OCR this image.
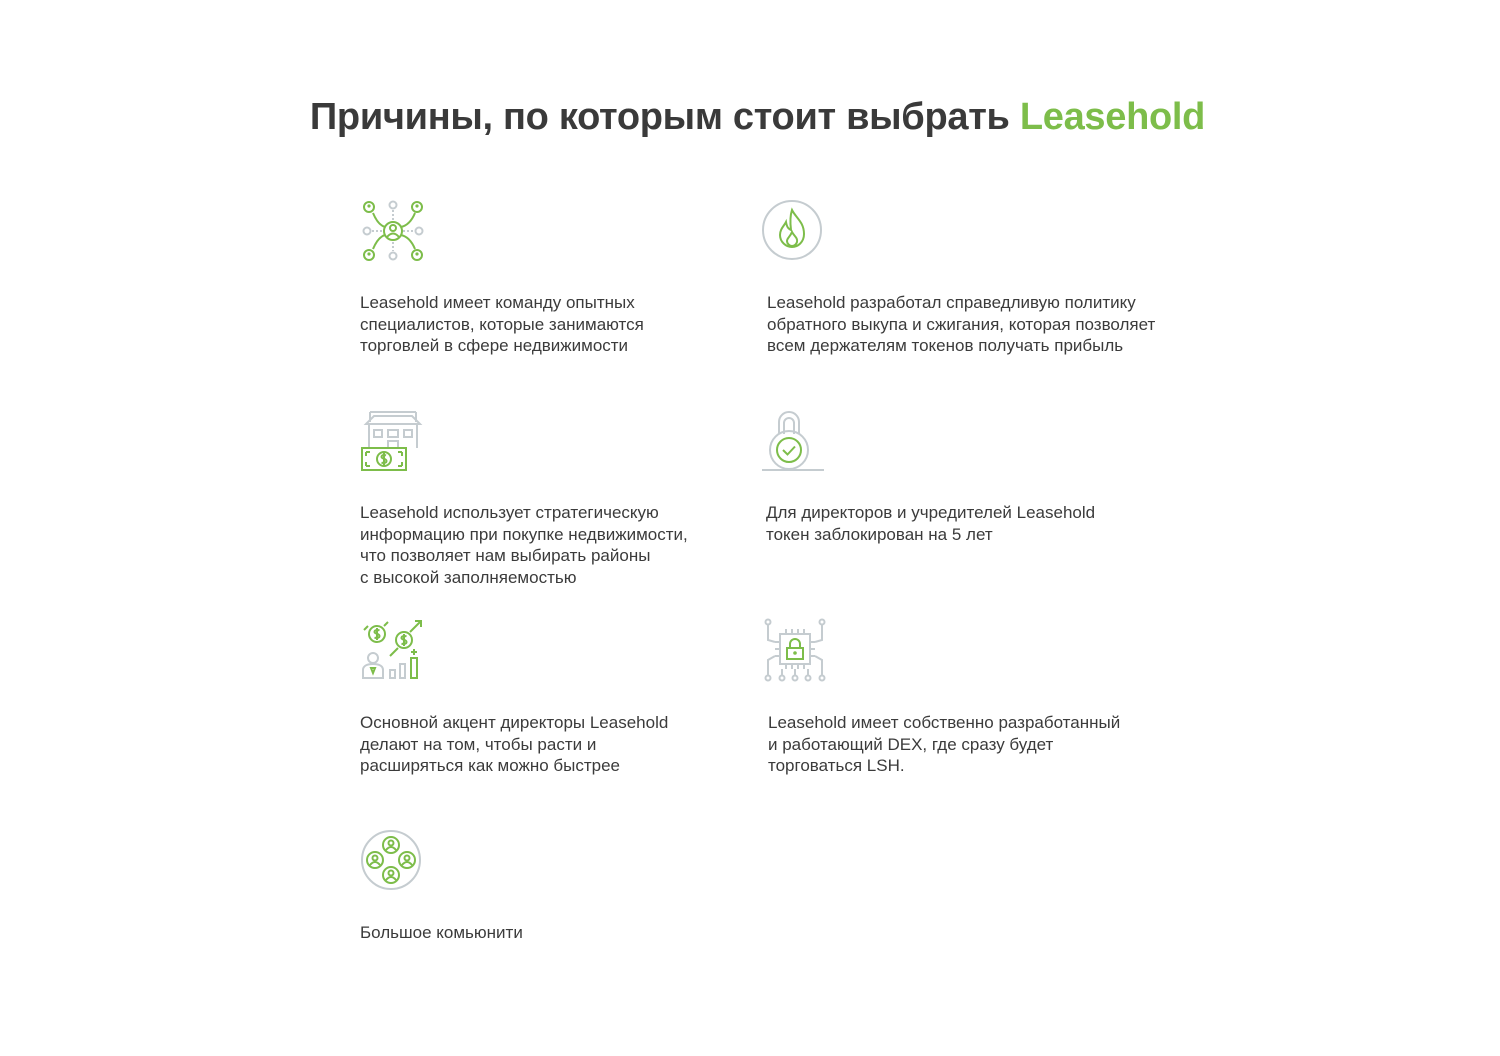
Причины, по которым стоит выбрать Leasehold
Leasehold имеет команду опытных
специалистов, которые занимаются
торговлей в сфере недвижимости
Leasehold разработал справедливую политику
обратного выкупа и сжигания, которая позволяет
всем держателям токенов получать прибыль
Leasehold использует стратегическую
информацию при покупке недвижимости,
что позволяет нам выбирать районы
с высокой заполняемостью
Для директоров и учредителей Leasehold
токен заблокирован на 5 лет
Основной акцент директоры Leasehold
делают на том, чтобы расти и
расширяться как можно быстрее
Leasehold имеет собственно разработанный
и работающий DEX, где сразу будет
торговаться LSH.
Большое комьюнити
